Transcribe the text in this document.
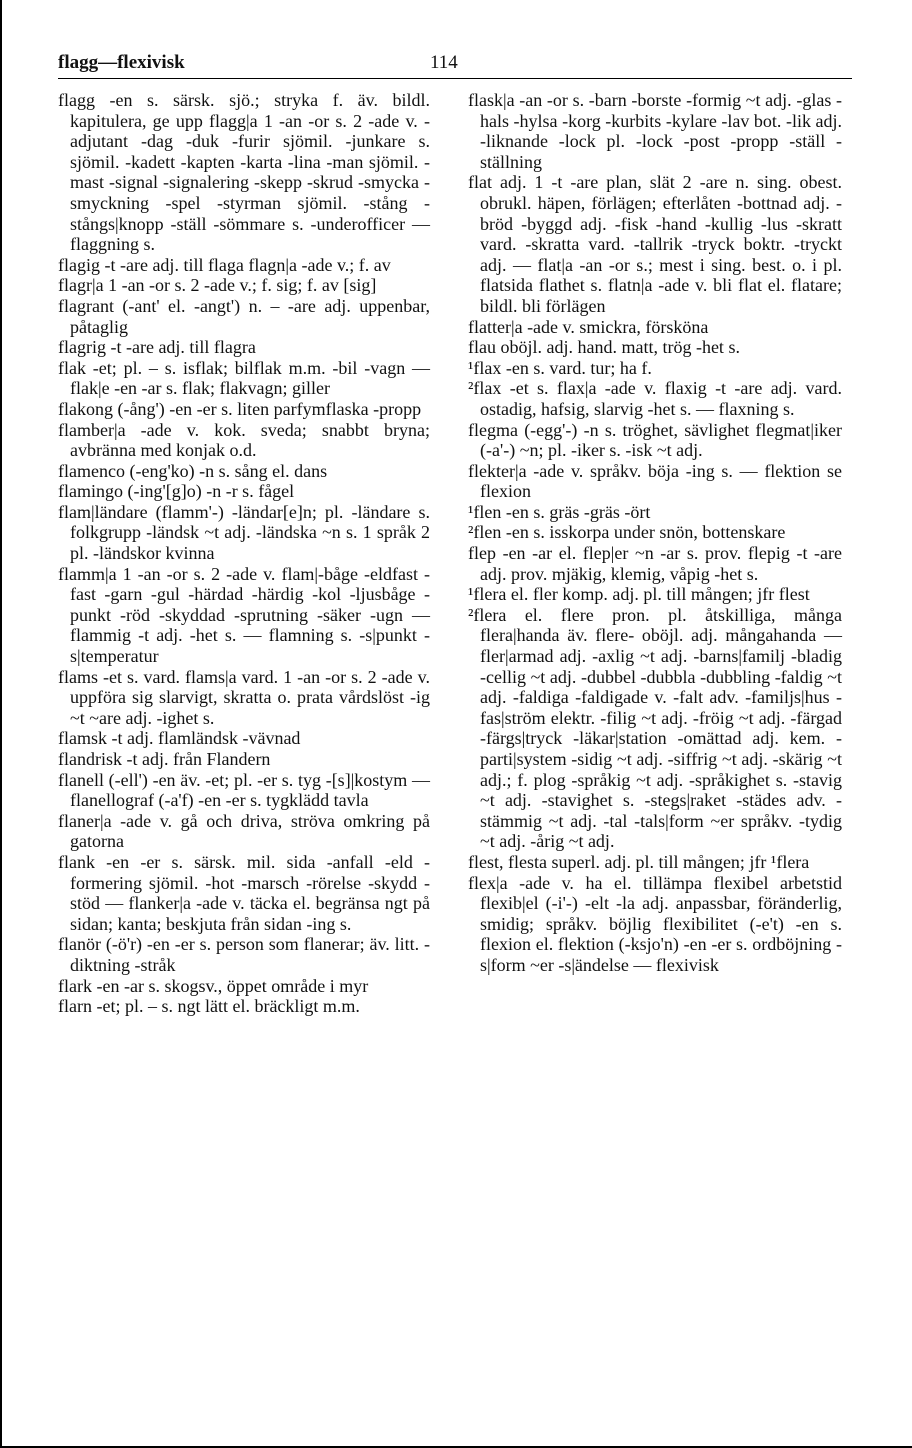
flagg—flexivisk	114

flagg -en s. särsk. sjö.; stryka f. äv. bildl. kapitulera, ge upp flagg|a 1 -an -or s. 2 -ade v. -adjutant -dag -duk -furir sjömil. -junkare s. sjömil. -kadett -kapten -karta -lina -man sjömil. -mast -signal -signalering -skepp -skrud -smycka -smyckning -spel -styrman sjömil. -stång -stångs|knopp -ställ -sömmare s. -underofficer — flaggning s.

flagig -t -are adj. till flaga flagn|a -ade v.; f. av

flagr|a 1 -an -or s. 2 -ade v.; f. sig; f. av [sig]

flagrant (-ant' el. -angt') n. – -are adj. uppenbar, påtaglig

flagrig -t -are adj. till flagra

flak -et; pl. – s. isflak; bilflak m.m. -bil -vagn — flak|e -en -ar s. flak; flakvagn; giller

flakong (-ång') -en -er s. liten parfymflaska -propp

flamber|a -ade v. kok. sveda; snabbt bryna; avbränna med konjak o.d.

flamenco (-eng'ko) -n s. sång el. dans

flamingo (-ing'[g]o) -n -r s. fågel

flam|ländare (flamm'-) -ländar[e]n; pl. -ländare s. folkgrupp -ländsk ~t adj. -ländska ~n s. 1 språk 2 pl. -ländskor kvinna

flamm|a 1 -an -or s. 2 -ade v. flam|-båge -eldfast -fast -garn -gul -härdad -härdig -kol -ljusbåge -punkt -röd -skyddad -sprutning -säker -ugn — flammig -t adj. -het s. — flamning s. -s|punkt -s|temperatur

flams -et s. vard. flams|a vard. 1 -an -or s. 2 -ade v. uppföra sig slarvigt, skratta o. prata vårdslöst -ig ~t ~are adj. -ighet s.

flamsk -t adj. flamländsk -vävnad

flandrisk -t adj. från Flandern

flanell (-ell') -en äv. -et; pl. -er s. tyg -[s]|kostym — flanellograf (-a'f) -en -er s. tygklädd tavla

flaner|a -ade v. gå och driva, ströva omkring på gatorna

flank -en -er s. särsk. mil. sida -anfall -eld -formering sjömil. -hot -marsch -rörelse -skydd -stöd — flanker|a -ade v. täcka el. begränsa ngt på sidan; kanta; beskjuta från sidan -ing s.

flanör (-ö'r) -en -er s. person som flanerar; äv. litt. -diktning -stråk

flark -en -ar s. skogsv., öppet område i myr

flarn -et; pl. – s. ngt lätt el. bräckligt m.m.

flask|a -an -or s. -barn -borste -formig ~t adj. -glas -hals -hylsa -korg -kurbits -kylare -lav bot. -lik adj. -liknande -lock pl. -lock -post -propp -ställ -ställning

flat adj. 1 -t -are plan, slät 2 -are n. sing. obest. obrukl. häpen, förlägen; efterlåten -bottnad adj. -bröd -byggd adj. -fisk -hand -kullig -lus -skratt vard. -skratta vard. -tallrik -tryck boktr. -tryckt adj. — flat|a -an -or s.; mest i sing. best. o. i pl. flatsida flathet s. flatn|a -ade v. bli flat el. flatare; bildl. bli förlägen

flatter|a -ade v. smickra, försköna

flau oböjl. adj. hand. matt, trög -het s.

¹flax -en s. vard. tur; ha f.

²flax -et s. flax|a -ade v. flaxig -t -are adj. vard. ostadig, hafsig, slarvig -het s. — flaxning s.

flegma (-egg'-) -n s. tröghet, sävlighet flegmat|iker (-a'-) ~n; pl. -iker s. -isk ~t adj.

flekter|a -ade v. språkv. böja -ing s. — flektion se flexion

¹flen -en s. gräs -gräs -ört

²flen -en s. isskorpa under snön, bottenskare

flep -en -ar el. flep|er ~n -ar s. prov. flepig -t -are adj. prov. mjäkig, klemig, våpig -het s.

¹flera el. fler komp. adj. pl. till mången; jfr flest

²flera el. flere pron. pl. åtskilliga, många flera|handa äv. flere- oböjl. adj. mångahanda — fler|armad adj. -axlig ~t adj. -barns|familj -bladig -cellig ~t adj. -dubbel -dubbla -dubbling -faldig ~t adj. -faldiga -faldigade v. -falt adv. -familjs|hus -fas|ström elektr. -filig ~t adj. -fröig ~t adj. -färgad -färgs|tryck -läkar|station -omättad adj. kem. -parti|system -sidig ~t adj. -siffrig ~t adj. -skärig ~t adj.; f. plog -språkig ~t adj. -språkighet s. -stavig ~t adj. -stavighet s. -stegs|raket -städes adv. -stämmig ~t adj. -tal -tals|form ~er språkv. -tydig ~t adj. -årig ~t adj.

flest, flesta superl. adj. pl. till mången; jfr ¹flera

flex|a -ade v. ha el. tillämpa flexibel arbetstid flexib|el (-i'-) -elt -la adj. anpassbar, föränderlig, smidig; språkv. böjlig flexibilitet (-e't) -en s. flexion el. flektion (-ksjo'n) -en -er s. ordböjning -s|form ~er -s|ändelse — flexivisk
